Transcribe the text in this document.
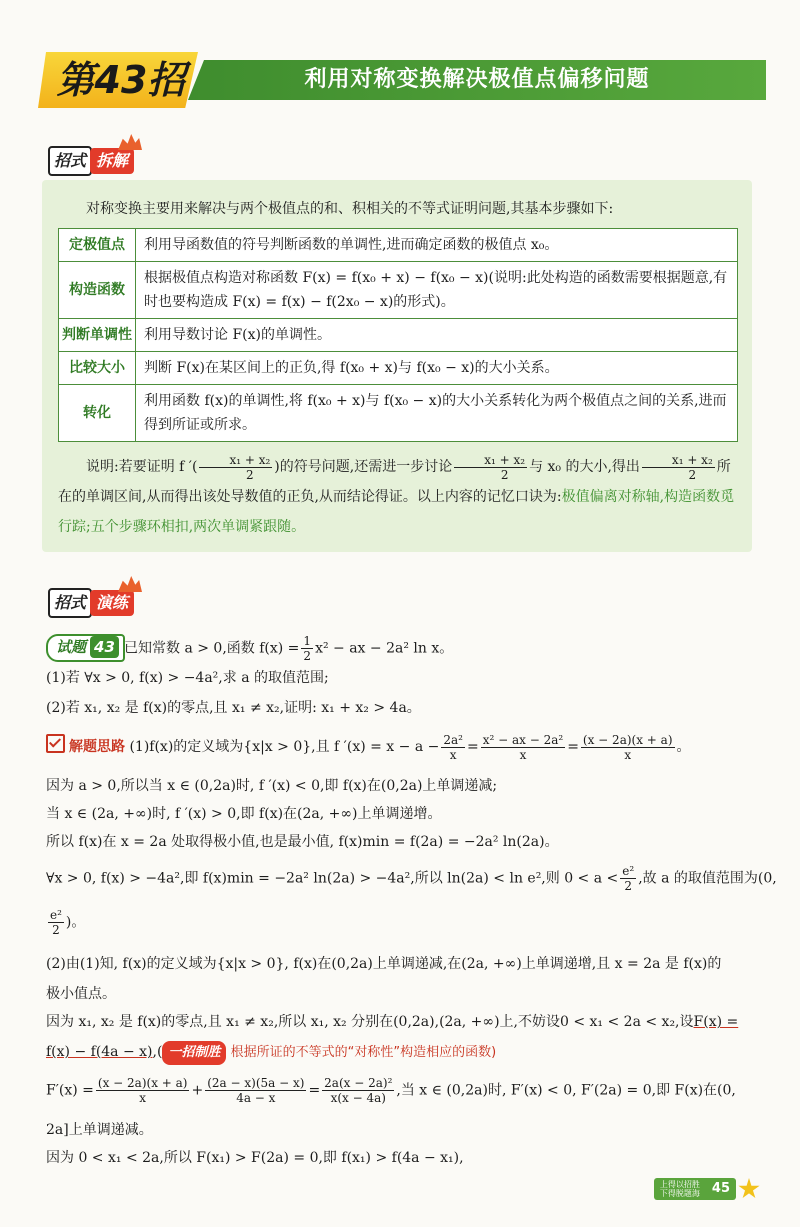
利用对称变换解决极值点偏移问题
第43招
招式 拆解
对称变换主要用来解决与两个极值点的和、积相关的不等式证明问题,其基本步骤如下:
定极值点	利用导函数值的符号判断函数的单调性,进而确定函数的极值点 x₀。
构造函数	根据极值点构造对称函数 F(x) = f(x₀ + x) − f(x₀ − x)(说明:此处构造的函数需要根据题意,有时也要构造成 F(x) = f(x) − f(2x₀ − x)的形式)。
判断单调性	利用导数讨论 F(x)的单调性。
比较大小	判断 F(x)在某区间上的正负,得 f(x₀ + x)与 f(x₀ − x)的大小关系。
转化	利用函数 f(x)的单调性,将 f(x₀ + x)与 f(x₀ − x)的大小关系转化为两个极值点之间的关系,进而得到所证或所求。
说明:若要证明 f ′( $\frac{\text{x₁ + x₂}}{2}$ )的符号问题,还需进一步讨论 $\frac{\text{x₁ + x₂}}{2}$ 与 x₀ 的大小,得出 $\frac{\text{x₁ + x₂}}{2}$ 所在的单调区间,从而得出该处导数值的正负,从而结论得证。以上内容的记忆口诀为:极值偏离对称轴,构造函数觅行踪;五个步骤环相扣,两次单调紧跟随。
招式 演练
试题 43 已知常数 a > 0,函数 $f(x) = \frac{1}{2} x^2$ − ax − 2a² ln x。
(1)若 ∀x > 0, f(x) > −4a²,求 a 的取值范围;
(2)若 x₁, x₂ 是 f(x)的零点,且 x₁ ≠ x₂,证明: x₁ + x₂ > 4a。
解题思路 (1)f(x)的定义域为{x|x > 0},且 f $'(x) = x - a - \frac{\text{2a²}}{x} = \frac{\text{x² − ax − 2a²}}{x} = \frac{(x - 2a)(x + a)}{x}$ 。
因为 a > 0,所以当 x ∈ (0,2a)时, f ′(x) < 0,即 f(x)在(0,2a)上单调递减;
当 x ∈ (2a, +∞)时, f ′(x) > 0,即 f(x)在(2a, +∞)上单调递增。
所以 f(x)在 x = 2a 处取得极小值,也是最小值, f(x)min = f(2a) = −2a² ln(2a)。
∀x > 0, f(x) > −4a²,即 f(x)min = −2a² ln(2a) > −4a²,所以 ln(2a) < ln e²,则 $0 < a < \frac{\text{e²}}{2}$ ,故 a 的取值范围为(0,
$\frac{\text{e²}}{2}$ )。
(2)由(1)知, f(x)的定义域为{x|x > 0}, f(x)在(0,2a)上单调递减,在(2a, +∞)上单调递增,且 x = 2a 是 f(x)的
极小值点。
因为 x₁, x₂ 是 f(x)的零点,且 x₁ ≠ x₂,所以 x₁, x₂ 分别在(0,2a),(2a, +∞)上,不妨设0 < x₁ < 2a < x₂,设F(x) =
f(x) − f(4a − x),( 一招制胜 根据所证的不等式的“对称性”构造相应的函数)
$F'(x) = \frac{(x - 2a)(x + a)}{x} + \frac{(2a - x)(5a - x)}{4a - x} = \frac{\text{2a(x − 2a)²}}{x(x - 4a)}$ ,当 x ∈ (0,2a)时, F′(x) < 0, F′(2a) = 0,即 F(x)在(0,
2a]上单调递减。
因为 0 < x₁ < 2a,所以 F(x₁) > F(2a) = 0,即 f(x₁) > f(4a − x₁),
上得以招胜
下得脱题海 45
